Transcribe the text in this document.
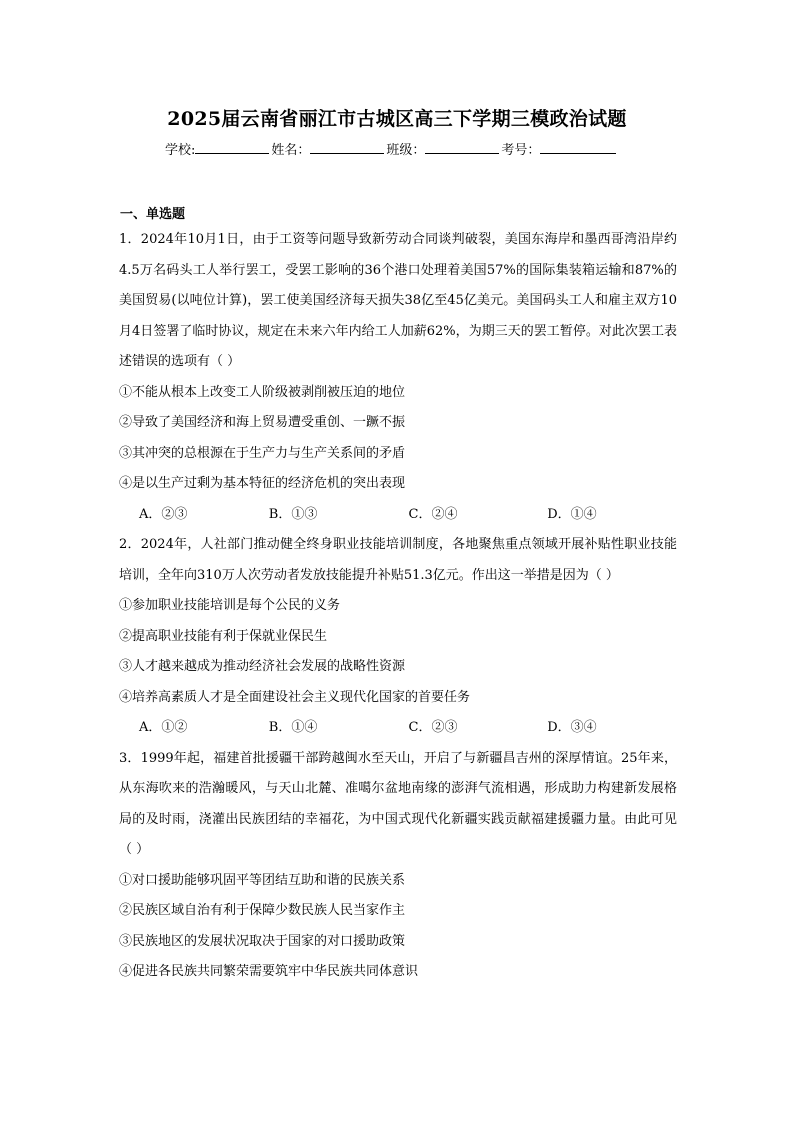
2025届云南省丽江市古城区高三下学期三模政治试题
学校:	姓名：	班级：	考号：
一、单选题

1．2024年10月1日，由于工资等问题导致新劳动合同谈判破裂，美国东海岸和墨西哥湾沿岸约4.5万名码头工人举行罢工，受罢工影响的36个港口处理着美国57%的国际集装箱运输和87%的美国贸易(以吨位计算)，罢工使美国经济每天损失38亿至45亿美元。美国码头工人和雇主双方10月4日签署了临时协议，规定在未来六年内给工人加薪62%，为期三天的罢工暂停。对此次罢工表述错误的选项有（ ）

①不能从根本上改变工人阶级被剥削被压迫的地位

②导致了美国经济和海上贸易遭受重创、一蹶不振

③其冲突的总根源在于生产力与生产关系间的矛盾

④是以生产过剩为基本特征的经济危机的突出表现

A．②③	B．①③	C．②④	D．①④

2．2024年，人社部门推动健全终身职业技能培训制度，各地聚焦重点领域开展补贴性职业技能培训，全年向310万人次劳动者发放技能提升补贴51.3亿元。作出这一举措是因为（ ）

①参加职业技能培训是每个公民的义务

②提高职业技能有利于保就业保民生

③人才越来越成为推动经济社会发展的战略性资源

④培养高素质人才是全面建设社会主义现代化国家的首要任务

A．①②	B．①④	C．②③	D．③④

3．1999年起，福建首批援疆干部跨越闽水至天山，开启了与新疆昌吉州的深厚情谊。25年来，从东海吹来的浩瀚暖风，与天山北麓、准噶尔盆地南缘的澎湃气流相遇，形成助力构建新发展格局的及时雨，浇灌出民族团结的幸福花，为中国式现代化新疆实践贡献福建援疆力量。由此可见（ ）

①对口援助能够巩固平等团结互助和谐的民族关系

②民族区域自治有利于保障少数民族人民当家作主

③民族地区的发展状况取决于国家的对口援助政策

④促进各民族共同繁荣需要筑牢中华民族共同体意识
